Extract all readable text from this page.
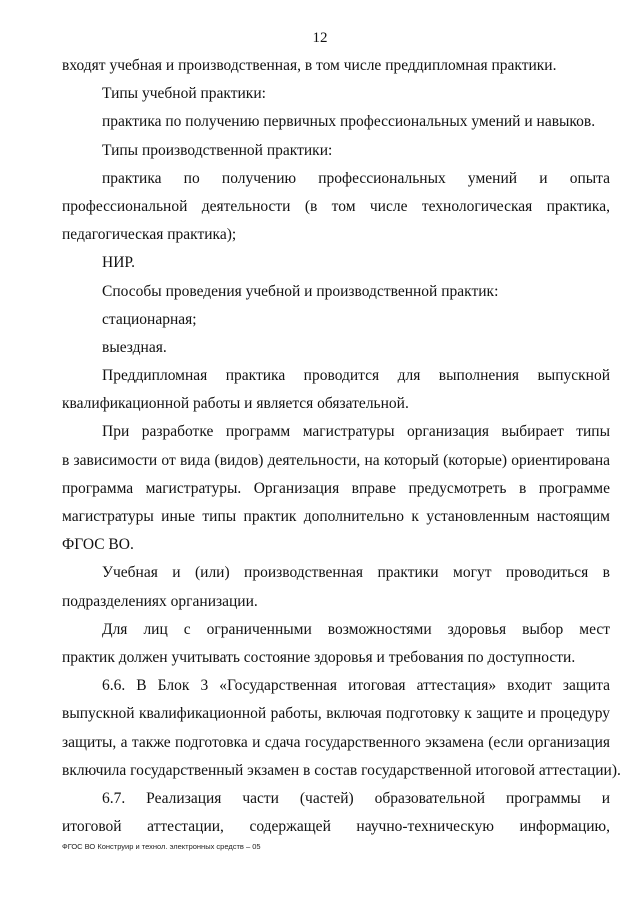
12
входят учебная и производственная, в том числе преддипломная практики.
Типы учебной практики:
практика по получению первичных профессиональных умений и навыков.
Типы производственной практики:
практика по получению профессиональных умений и опыта
профессиональной деятельности (в том числе технологическая практика,
педагогическая практика);
НИР.
Способы проведения учебной и производственной практик:
стационарная;
выездная.
Преддипломная практика проводится для выполнения выпускной
квалификационной работы и является обязательной.
При разработке программ магистратуры организация выбирает типы
в зависимости от вида (видов) деятельности, на который (которые) ориентирована
программа магистратуры. Организация вправе предусмотреть в программе
магистратуры иные типы практик дополнительно к установленным настоящим
ФГОС ВО.
Учебная и (или) производственная практики могут проводиться в
подразделениях организации.
Для лиц с ограниченными возможностями здоровья выбор мест
практик должен учитывать состояние здоровья и требования по доступности.
6.6. В Блок 3 «Государственная итоговая аттестация» входит защита
выпускной квалификационной работы, включая подготовку к защите и процедуру
защиты, а также подготовка и сдача государственного экзамена (если организация
включила государственный экзамен в состав государственной итоговой аттестации).
6.7. Реализация части (частей) образовательной программы и
итоговой аттестации, содержащей научно-техническую информацию,
ФГОС ВО Конструир и технол. электронных средств – 05
